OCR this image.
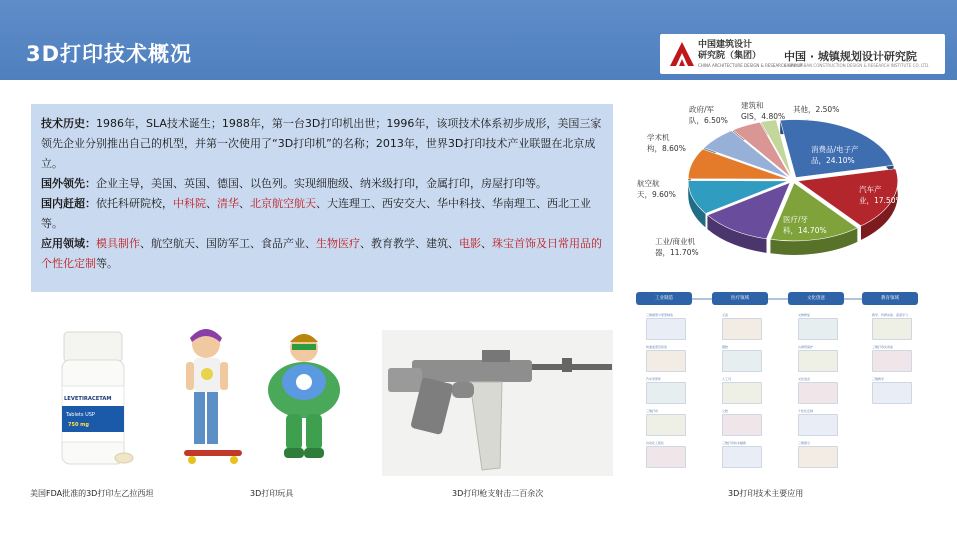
3D打印技术概况	中国建筑设计
研究院（集团）
CHINA ARCHITECTURE DESIGN & RESEARCH GROUP
中国 · 城镇规划设计研究院
CHINA URBAN CONSTRUCTION DESIGN & RESEARCH INSTITUTE CO. LTD.
技术历史：1986年，SLA技术诞生；1988年，第一台3D打印机出世；1996年，该项技术体系初步成形，美国三家领先企业分别推出自己的机型，并第一次使用了“3D打印机”的名称；2013年，世界3D打印技术产业联盟在北京成立。
国外领先：企业主导，美国、英国、德国、以色列。实现细胞级、纳米级打印，金属打印，房屋打印等。
国内赶超：依托科研院校，中科院、清华、北京航空航天、大连理工、西安交大、华中科技、华南理工、西北工业等。
应用领域：模具制作、航空航天、国防军工、食品产业、生物医疗、教育教学、建筑、电影、珠宝首饰及日常用品的个性化定制等。
消费品/电子产品，24.10%
汽车产业，17.50%
医疗/牙科，14.70%
工业/商业机器，11.70%
航空航天，9.60%
学术机构，8.60%
政府/军队，6.50%
建筑和 GIS，4.80%
其他，2.50%
LEVETIRACETAM
Tablets USP
750 mg
美国FDA批准的3D打印左乙拉西坦	3D打印玩具	3D打印枪支射击二百余次
工业制造
三维模型与原型制造
快速成型及铸造
汽车零部件
三维打印
自动化工程化
医疗领域
义齿
假肢
人工耳
义肢
三维打印技术辅助
文化创意
文物修复
古建筑保护
文化创意
个性化定制
三维展示
教育领域
教学、科研实验、深度学习
三维打印实训室
三维教学
3D打印技术主要应用
